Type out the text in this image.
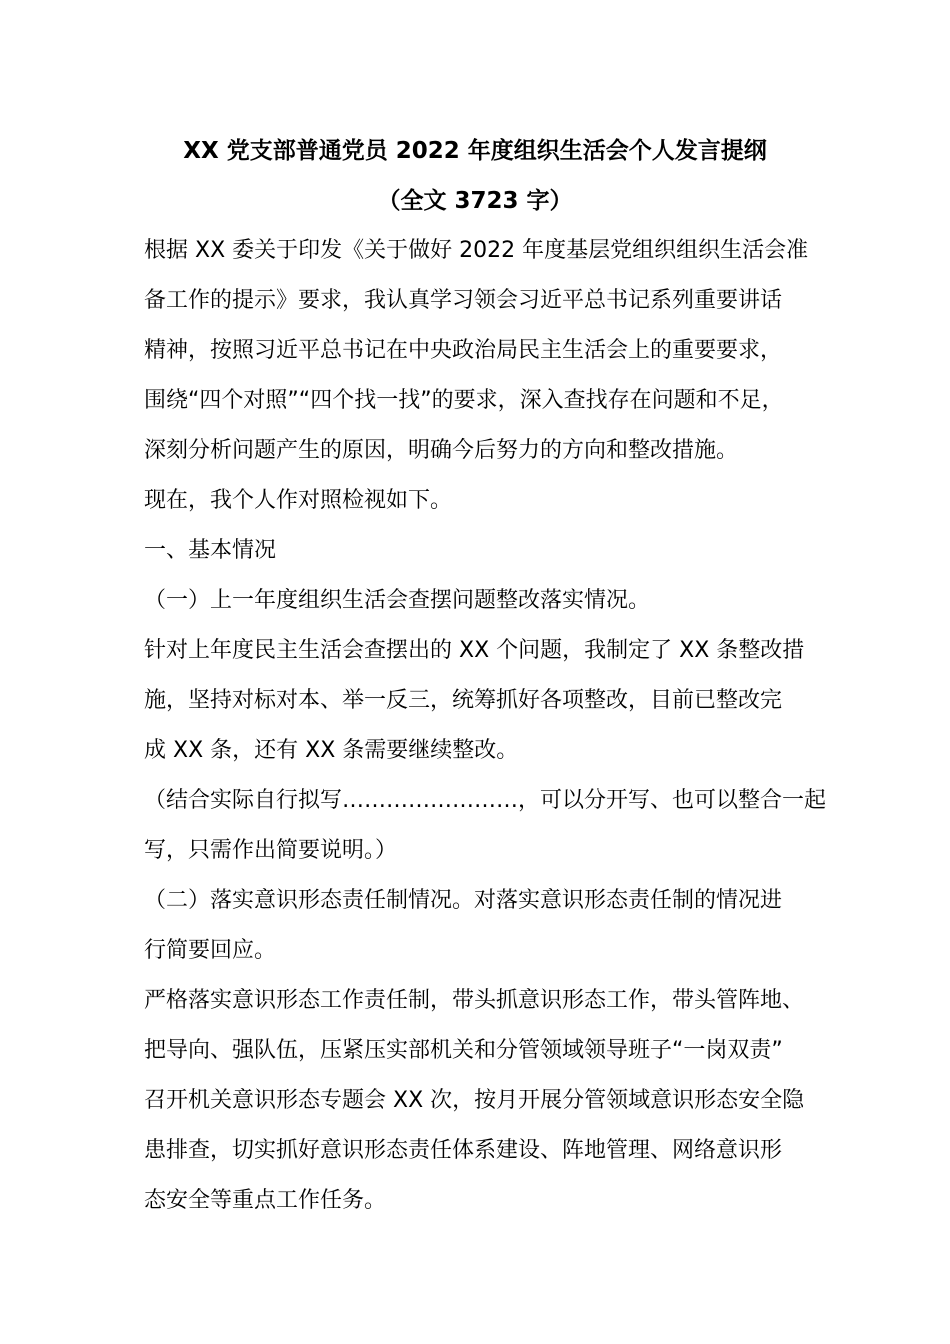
XX 党支部普通党员 2022 年度组织生活会个人发言提纲
（全文 3723 字）
根据 XX 委关于印发《关于做好 2022 年度基层党组织组织生活会准
备工作的提示》要求，我认真学习领会习近平总书记系列重要讲话
精神，按照习近平总书记在中央政治局民主生活会上的重要要求，
围绕“四个对照”“四个找一找”的要求，深入查找存在问题和不足，
深刻分析问题产生的原因，明确今后努力的方向和整改措施。
现在，我个人作对照检视如下。
一、基本情况
（一）上一年度组织生活会查摆问题整改落实情况。
针对上年度民主生活会查摆出的 XX 个问题，我制定了 XX 条整改措
施，坚持对标对本、举一反三，统筹抓好各项整改，目前已整改完
成 XX 条，还有 XX 条需要继续整改。
（结合实际自行拟写……………………，可以分开写、也可以整合一起
写，只需作出简要说明。）
（二）落实意识形态责任制情况。对落实意识形态责任制的情况进
行简要回应。
严格落实意识形态工作责任制，带头抓意识形态工作，带头管阵地、
把导向、强队伍，压紧压实部机关和分管领域领导班子“一岗双责”
召开机关意识形态专题会 XX 次，按月开展分管领域意识形态安全隐
患排查，切实抓好意识形态责任体系建设、阵地管理、网络意识形
态安全等重点工作任务。
